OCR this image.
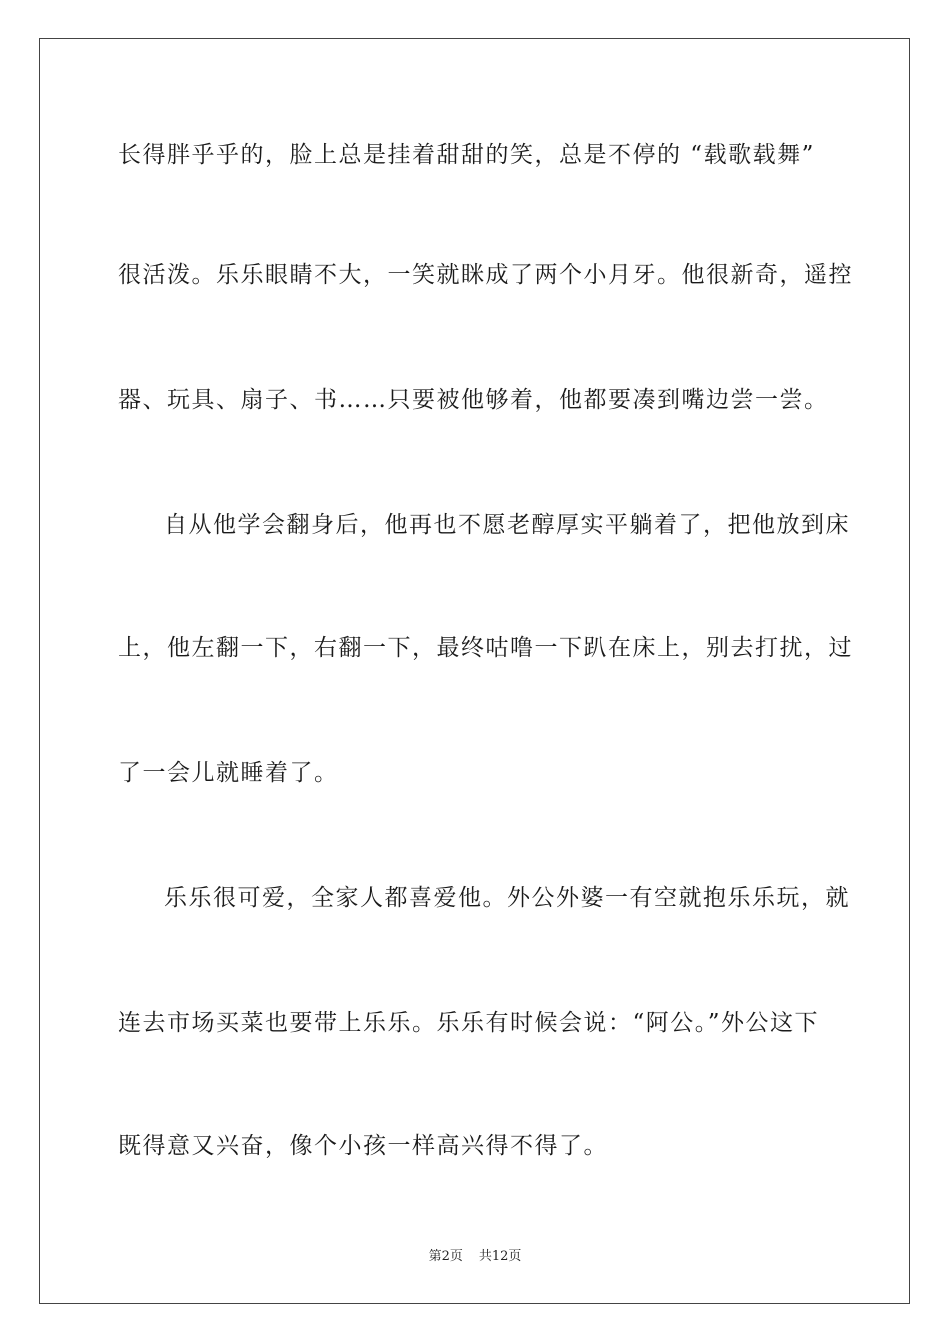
长得胖乎乎的，脸上总是挂着甜甜的笑，总是不停的 “载歌载舞”
很活泼。乐乐眼睛不大，一笑就眯成了两个小月牙。他很新奇，遥控
器、玩具、扇子、书……只要被他够着，他都要凑到嘴边尝一尝。
自从他学会翻身后，他再也不愿老醇厚实平躺着了，把他放到床
上，他左翻一下，右翻一下，最终咕噜一下趴在床上，别去打扰，过
了一会儿就睡着了。
乐乐很可爱，全家人都喜爱他。外公外婆一有空就抱乐乐玩，就
连去市场买菜也要带上乐乐。乐乐有时候会说：“阿公。”外公这下
既得意又兴奋，像个小孩一样高兴得不得了。
第2页 共12页
